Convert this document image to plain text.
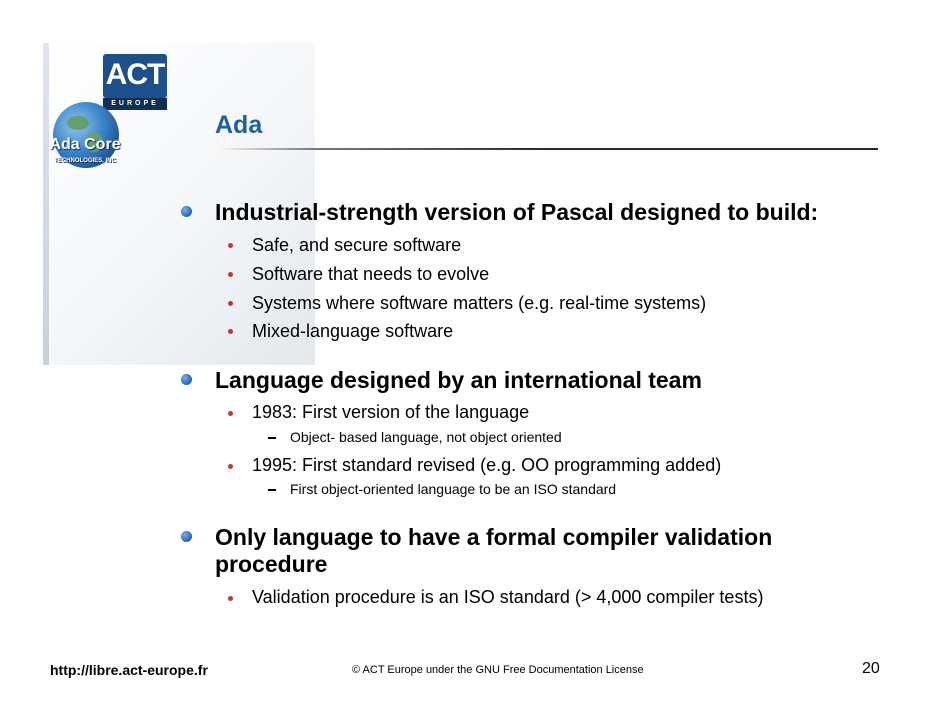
ACT
EUROPE
Ada Core
TECHNOLOGIES, INC
Ada
Industrial-strength version of Pascal designed to build:
Safe, and secure software
Software that needs to evolve
Systems where software matters (e.g. real-time systems)
Mixed-language software
Language designed by an international team
1983: First version of the language
Object- based language, not object oriented
1995: First standard revised (e.g. OO programming added)
First object-oriented language to be an ISO standard
Only language to have a formal compiler validation
procedure
Validation procedure is an ISO standard (> 4,000 compiler tests)
http://libre.act-europe.fr	© ACT Europe under the GNU Free Documentation License	20
